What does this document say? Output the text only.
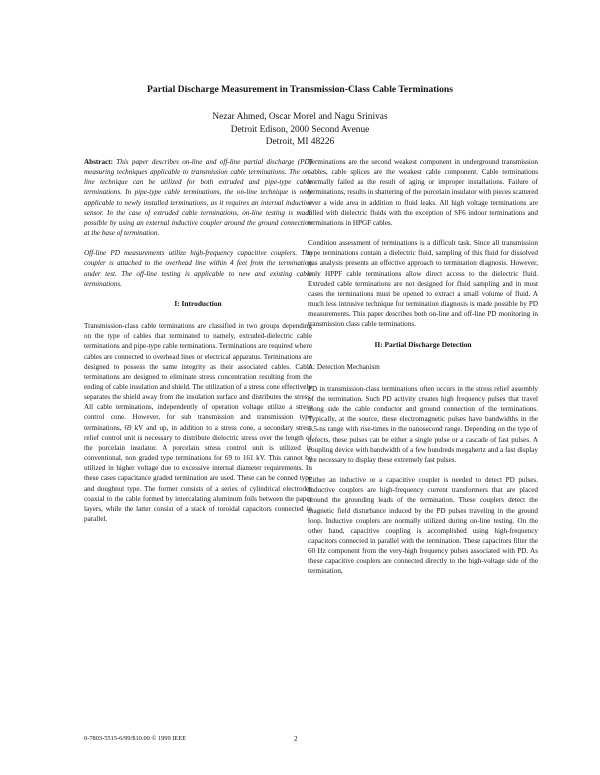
Partial Discharge Measurement in Transmission-Class Cable Terminations
Nezar Ahmed, Oscar Morel and Nagu Srinivas
Detroit Edison, 2000 Second Avenue
Detroit, MI 48226

Abstract: This paper describes on-line and off-line partial discharge (PD) measuring techniques applicable to transmission cable terminations. The on-line technique can be utilized for both extruded and pipe-type cable terminations. In pipe-type cable terminations, the on-line technique is only applicable to newly installed terminations, as it requires an internal inductive sensor. In the case of extruded cable terminations, on-line testing is made possible by using an external inductive coupler around the ground connection at the base of termination.

Off-line PD measurements utilize high-frequency capacitive couplers. The coupler is attached to the overhead line within 4 feet from the termination under test. The off-line testing is applicable to new and existing cable terminations.

I: Introduction

Transmission-class cable terminations are classified in two groups depending on the type of cables that terminated to namely, extruded-dielectric cable terminations and pipe-type cable terminations. Terminations are required where cables are connected to overhead lines or electrical apparatus. Terminations are designed to possess the same integrity as their associated cables. Cable terminations are designed to eliminate stress concentration resulting from the ending of cable insulation and shield. The utilization of a stress cone effectively separates the shield away from the insulation surface and distributes the stress. All cable terminations, independently of operation voltage utilize a stress control cone. However, for sub transmission and transmission type terminations, 69 kV and up, in addition to a stress cone, a secondary stress relief control unit is necessary to distribute dielectric stress over the length of the porcelain insulator. A porcelain stress control unit is utilized in conventional, non graded type terminations for 69 to 161 kV. This cannot be utilized in higher voltage due to excessive internal diameter requirements. In these cases capacitance graded termination are used. These can be conned type and doughnut type. The former consists of a series of cylindrical electrodes coaxial to the cable formed by intercalating aluminum foils between the paper layers, while the latter consist of a stack of toroidal capacitors connected in parallel.

Terminations are the second weakest component in underground transmission cables, cable splices are the weakest cable component. Cable terminations normally failed as the result of aging or improper installations. Failure of terminations, results in shattering of the porcelain insulator with pieces scattered over a wide area in addition to fluid leaks. All high voltage terminations are filled with dielectric fluids with the exception of SF6 indoor terminations and terminations in HPGF cables.

Condition assessment of terminations is a difficult task. Since all transmission type terminations contain a dielectric fluid, sampling of this fluid for dissolved gas analysis presents an effective approach to termination diagnosis. However, only HPPF cable terminations allow direct access to the dielectric fluid. Extruded cable terminations are not designed for fluid sampling and in most cases the terminations must be opened to extract a small volume of fluid. A much less intrusive technique for termination diagnosis is made possible by PD measurements. This paper describes both on-line and off-line PD monitoring in transmission class cable terminations.

II: Partial Discharge Detection
A: Detection Mechanism

PD in transmission-class terminations often occurs in the stress relief assembly of the termination. Such PD activity creates high frequency pulses that travel along side the cable conductor and ground connection of the terminations. Typically, at the source, these electromagnetic pulses have bandwidths in the 1.5-ns range with rise-times in the nanosecond range. Depending on the type of defects, these pulses can be either a single pulse or a cascade of fast pulses. A coupling device with bandwidth of a few hundreds megahertz and a fast display are necessary to display these extremely fast pulses.

Either an inductive or a capacitive coupler is needed to detect PD pulses. Inductive couplers are high-frequency current transformers that are placed around the grounding leads of the termination. These couplers detect the magnetic field disturbance induced by the PD pulses traveling in the ground loop. Inductive couplers are normally utilized during on-line testing. On the other hand, capacitive coupling is accomplished using high-frequency capacitors connected in parallel with the termination. These capacitors filter the 60 Hz component from the very-high frequency pulses associated with PD. As these capacitive couplers are connected directly to the high-voltage side of the termination,

0-7803-5515-6/99/$10.00 © 1999 IEEE	2
